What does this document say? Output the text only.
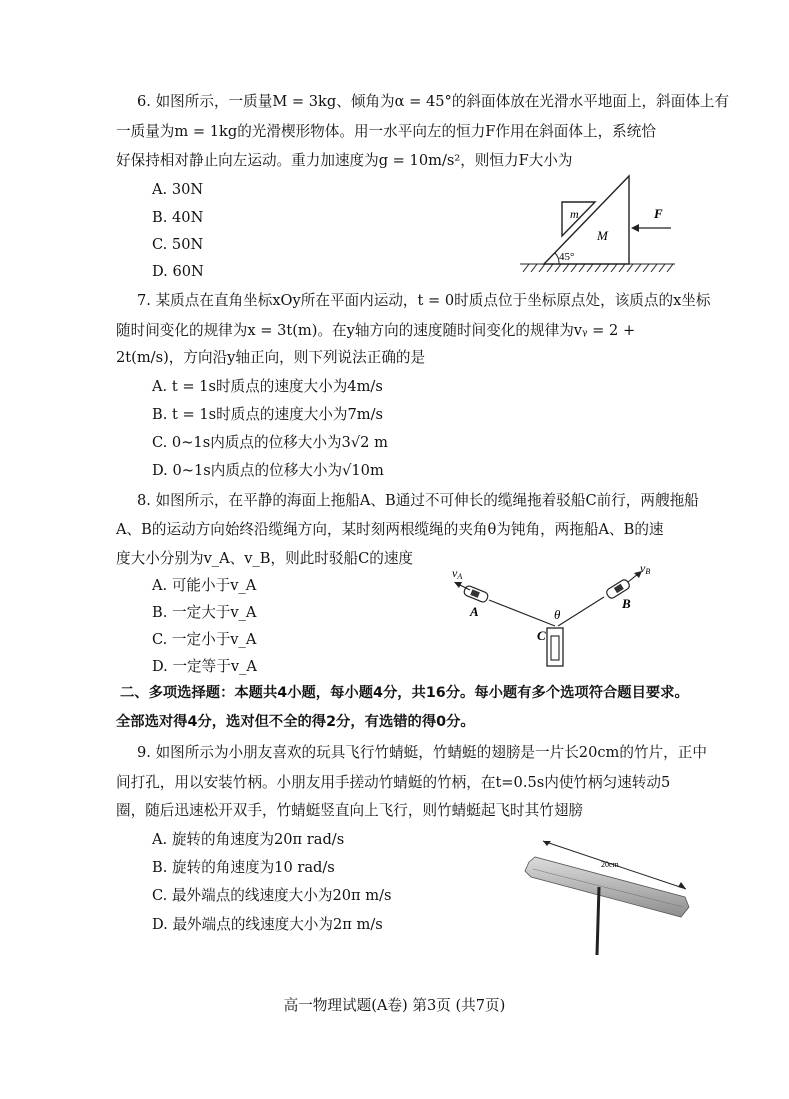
6. 如图所示，一质量M = 3kg、倾角为α = 45°的斜面体放在光滑水平地面上，斜面体上有
一质量为m = 1kg的光滑楔形物体。用一水平向左的恒力F作用在斜面体上，系统恰
好保持相对静止向左运动。重力加速度为g = 10m/s²，则恒力F大小为
A. 30N
B. 40N
C. 50N
D. 60N
m
M
F
45°
7. 某质点在直角坐标xOy所在平面内运动，t = 0时质点位于坐标原点处，该质点的x坐标
随时间变化的规律为x = 3t(m)。在y轴方向的速度随时间变化的规律为vᵧ = 2 +
2t(m/s)，方向沿y轴正向，则下列说法正确的是
A. t = 1s时质点的速度大小为4m/s
B. t = 1s时质点的速度大小为7m/s
C. 0~1s内质点的位移大小为3√2 m
D. 0~1s内质点的位移大小为√10m
8. 如图所示，在平静的海面上拖船A、B通过不可伸长的缆绳拖着驳船C前行，两艘拖船
A、B的运动方向始终沿缆绳方向，某时刻两根缆绳的夹角θ为钝角，两拖船A、B的速
度大小分别为v_A、v_B，则此时驳船C的速度
A. 可能小于v_A
B. 一定大于v_A
C. 一定小于v_A
D. 一定等于v_A
vA
vB
A
B
C
θ
二、多项选择题：本题共4小题，每小题4分，共16分。每小题有多个选项符合题目要求。
全部选对得4分，选对但不全的得2分，有选错的得0分。
9. 如图所示为小朋友喜欢的玩具飞行竹蜻蜓，竹蜻蜓的翅膀是一片长20cm的竹片，正中
间打孔，用以安装竹柄。小朋友用手搓动竹蜻蜓的竹柄，在t=0.5s内使竹柄匀速转动5
圈，随后迅速松开双手，竹蜻蜓竖直向上飞行，则竹蜻蜓起飞时其竹翅膀
A. 旋转的角速度为20π rad/s
B. 旋转的角速度为10 rad/s
C. 最外端点的线速度大小为20π m/s
D. 最外端点的线速度大小为2π m/s
20cm
高一物理试题(A卷) 第3页 (共7页)
